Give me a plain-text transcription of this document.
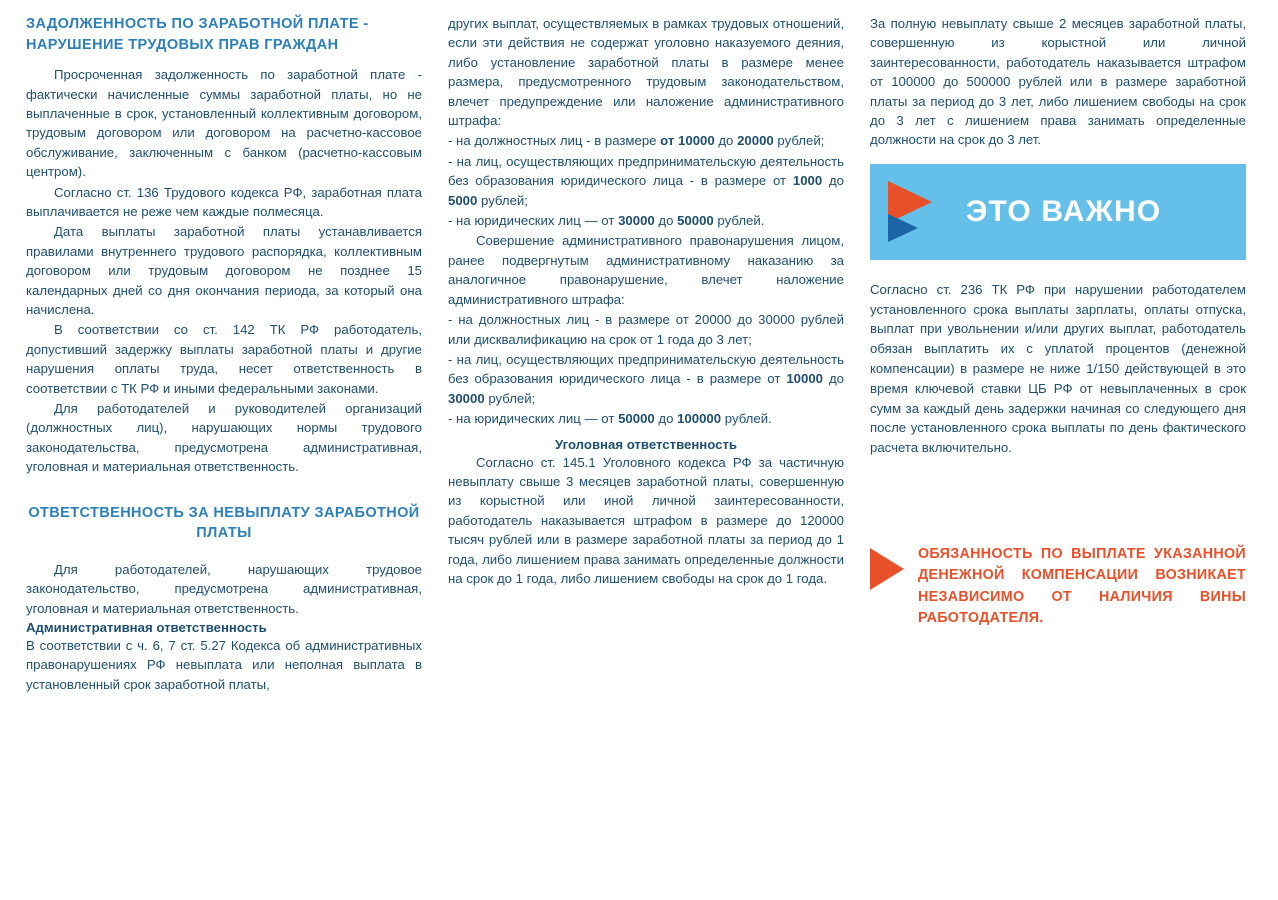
ЗАДОЛЖЕННОСТЬ ПО ЗАРАБОТНОЙ ПЛАТЕ - НАРУШЕНИЕ ТРУДОВЫХ ПРАВ ГРАЖДАН

Просроченная задолженность по заработной плате - фактически начисленные суммы заработной платы, но не выплаченные в срок, установленный коллективным договором, трудовым договором или договором на расчетно-кассовое обслуживание, заключенным с банком (расчетно-кассовым центром).

Согласно ст. 136 Трудового кодекса РФ, заработная плата выплачивается не реже чем каждые полмесяца.

Дата выплаты заработной платы устанавливается правилами внутреннего трудового распорядка, коллективным договором или трудовым договором не позднее 15 календарных дней со дня окончания периода, за который она начислена.

В соответствии со ст. 142 ТК РФ работодатель, допустивший задержку выплаты заработной платы и другие нарушения оплаты труда, несет ответственность в соответствии с ТК РФ и иными федеральными законами.

Для работодателей и руководителей организаций (должностных лиц), нарушающих нормы трудового законодательства, предусмотрена административная, уголовная и материальная ответственность.

ОТВЕТСТВЕННОСТЬ ЗА НЕВЫПЛАТУ ЗАРАБОТНОЙ ПЛАТЫ

Для работодателей, нарушающих трудовое законодательство, предусмотрена административная, уголовная и материальная ответственность.

Административная ответственность

В соответствии с ч. 6, 7 ст. 5.27 Кодекса об административных правонарушениях РФ невыплата или неполная выплата в установленный срок заработной платы,

других выплат, осуществляемых в рамках трудовых отношений, если эти действия не содержат уголовно наказуемого деяния, либо установление заработной платы в размере менее размера, предусмотренного трудовым законодательством, влечет предупреждение или наложение административного штрафа:

- на должностных лиц - в размере от 10000 до 20000 рублей;

- на лиц, осуществляющих предпринимательскую деятельность без образования юридического лица - в размере от 1000 до 5000 рублей;

- на юридических лиц — от 30000 до 50000 рублей.

Совершение административного правонарушения лицом, ранее подвергнутым административному наказанию за аналогичное правонарушение, влечет наложение административного штрафа:

- на должностных лиц - в размере от 20000 до 30000 рублей или дисквалификацию на срок от 1 года до 3 лет;

- на лиц, осуществляющих предпринимательскую деятельность без образования юридического лица - в размере от 10000 до 30000 рублей;

- на юридических лиц — от 50000 до 100000 рублей.

Уголовная ответственность

Согласно ст. 145.1 Уголовного кодекса РФ за частичную невыплату свыше 3 месяцев заработной платы, совершенную из корыстной или иной личной заинтересованности, работодатель наказывается штрафом в размере до 120000 тысяч рублей или в размере заработной платы за период до 1 года, либо лишением права занимать определенные должности на срок до 1 года, либо лишением свободы на срок до 1 года.

За полную невыплату свыше 2 месяцев заработной платы, совершенную из корыстной или личной заинтересованности, работодатель наказывается штрафом от 100000 до 500000 рублей или в размере заработной платы за период до 3 лет, либо лишением свободы на срок до 3 лет с лишением права занимать определенные должности на срок до 3 лет.

ЭТО ВАЖНО

Согласно ст. 236 ТК РФ при нарушении работодателем установленного срока выплаты зарплаты, оплаты отпуска, выплат при увольнении и/или других выплат, работодатель обязан выплатить их с уплатой процентов (денежной компенсации) в размере не ниже 1/150 действующей в это время ключевой ставки ЦБ РФ от невыплаченных в срок сумм за каждый день задержки начиная со следующего дня после установленного срока выплаты по день фактического расчета включительно.

ОБЯЗАННОСТЬ ПО ВЫПЛАТЕ УКАЗАННОЙ ДЕНЕЖНОЙ КОМПЕНСАЦИИ ВОЗНИКАЕТ НЕЗАВИСИМО ОТ НАЛИЧИЯ ВИНЫ РАБОТОДАТЕЛЯ.
